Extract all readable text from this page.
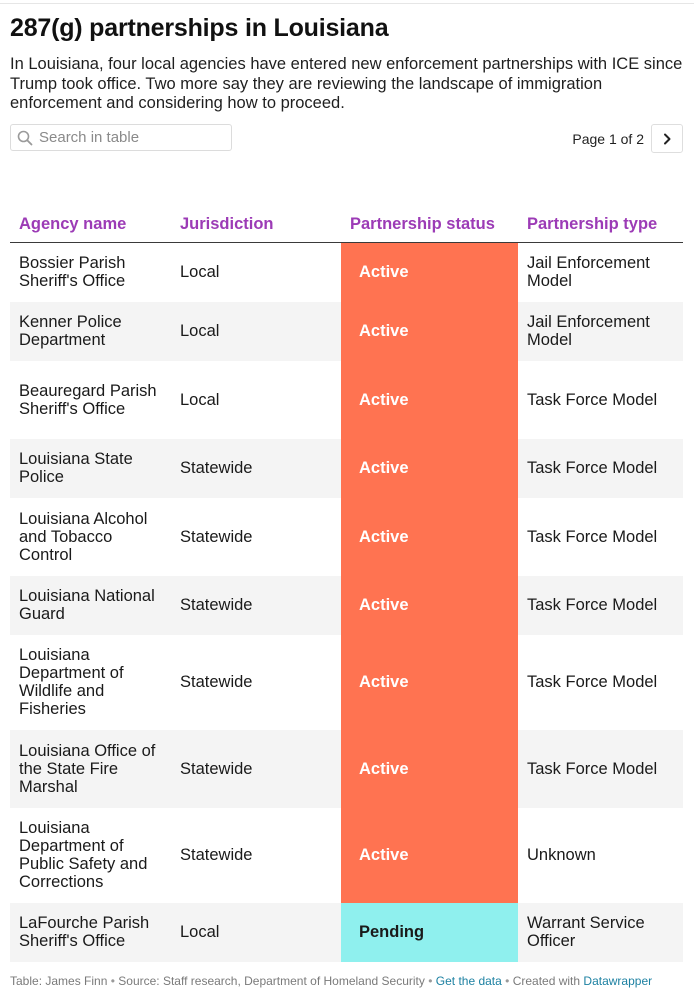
287(g) partnerships in Louisiana

In Louisiana, four local agencies have entered new enforcement partnerships with ICE since Trump took office. Two more say they are reviewing the landscape of immigration enforcement and considering how to proceed.

Search in table
Page 1 of 2
Agency name	Jurisdiction	Partnership status	Partnership type
Bossier Parish Sheriff's Office	Local	Active	Jail Enforcement Model
Kenner Police Department	Local	Active	Jail Enforcement Model
Beauregard Parish Sheriff's Office	Local	Active	Task Force Model
Louisiana State Police	Statewide	Active	Task Force Model
Louisiana Alcohol and Tobacco Control	Statewide	Active	Task Force Model
Louisiana National Guard	Statewide	Active	Task Force Model
Louisiana Department of Wildlife and Fisheries	Statewide	Active	Task Force Model
Louisiana Office of the State Fire Marshal	Statewide	Active	Task Force Model
Louisiana Department of Public Safety and Corrections	Statewide	Active	Unknown
LaFourche Parish Sheriff's Office	Local	Pending	Warrant Service Officer
Table: James Finn • Source: Staff research, Department of Homeland Security • Get the data • Created with Datawrapper
